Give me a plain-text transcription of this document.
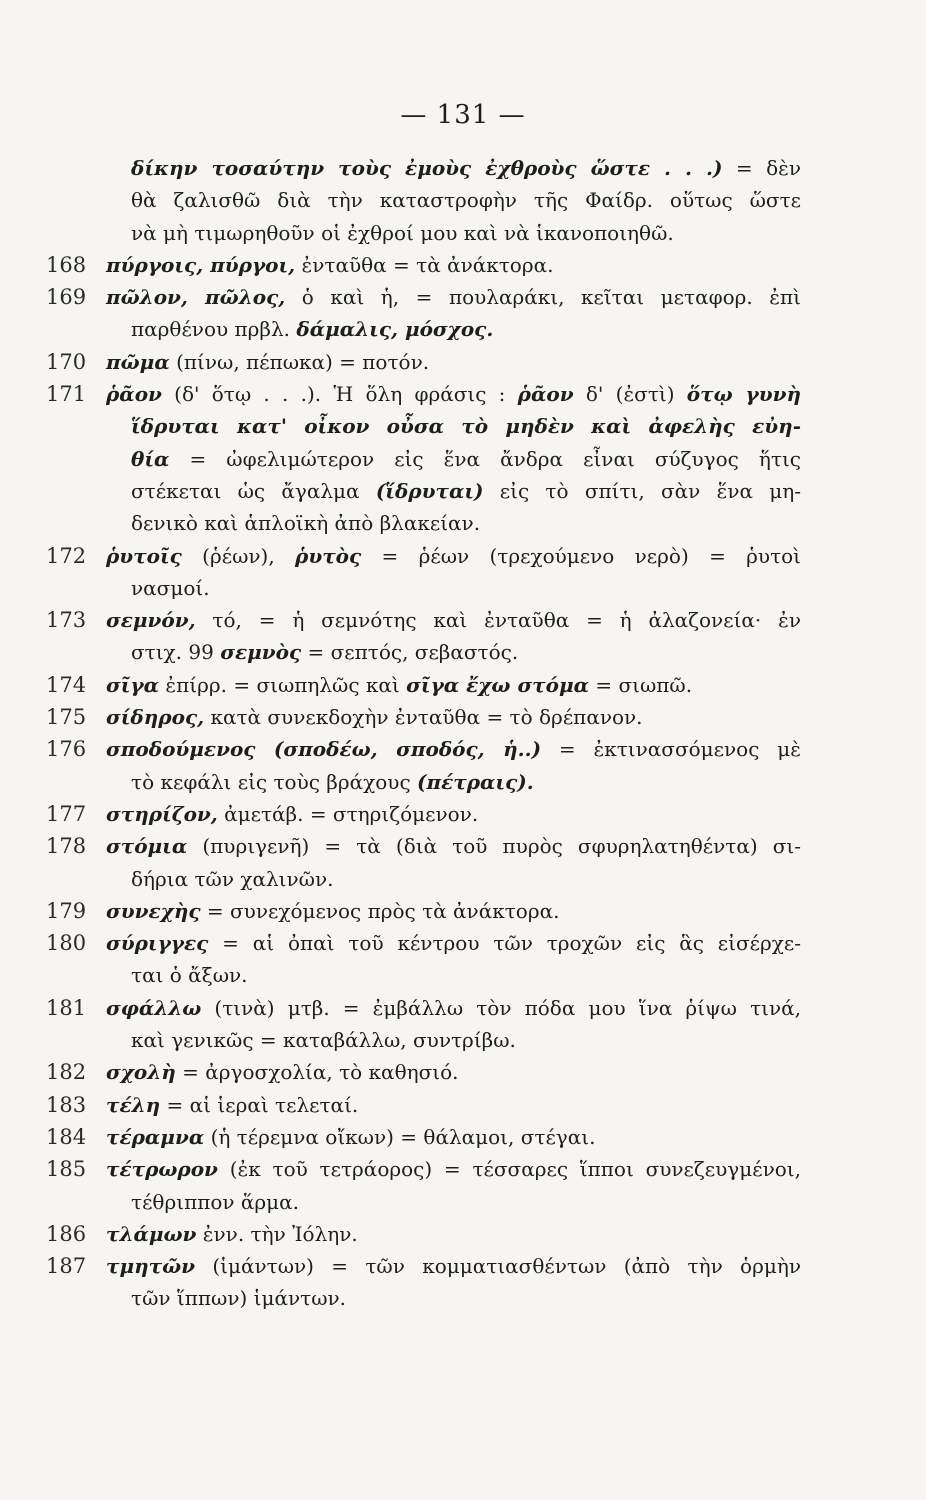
— 131 —
δίκην τοσαύτην τοὺς ἐμοὺς ἐχθροὺς ὥστε . . .) = δὲν
θὰ ζαλισθῶ διὰ τὴν καταστροφὴν τῆς Φαίδρ. οὕτως ὥστε
νὰ μὴ τιμωρηθοῦν οἱ ἐχθροί μου καὶ νὰ ἱκανοποιηθῶ.
168 πύργοις, πύργοι, ἐνταῦθα = τὰ ἀνάκτορα.
169 πῶλον, πῶλος, ὁ καὶ ἡ, = πουλαράκι, κεῖται μεταφορ. ἐπὶ
παρθένου πρβλ. δάμαλις, μόσχος.
170 πῶμα (πίνω, πέπωκα) = ποτόν.
171 ῥᾶον (δ' ὅτῳ . . .). Ἡ ὅλη φράσις : ῥᾶον δ' (ἐστὶ) ὅτῳ γυνὴ
ἵδρυται κατ' οἶκον οὖσα τὸ μηδὲν καὶ ἀφελὴς εὐη-
θία = ὠφελιμώτερον εἰς ἕνα ἄνδρα εἶναι σύζυγος ἥτις
στέκεται ὡς ἄγαλμα (ἵδρυται) εἰς τὸ σπίτι, σὰν ἕνα μη-
δενικὸ καὶ ἁπλοϊκὴ ἀπὸ βλακείαν.
172 ῥυτοῖς (ῥέων), ῥυτὸς = ῥέων (τρεχούμενο νερὸ) = ῥυτοὶ
νασμοί.
173 σεμνόν, τό, = ἡ σεμνότης καὶ ἐνταῦθα = ἡ ἀλαζονεία· ἐν
στιχ. 99 σεμνὸς = σεπτός, σεβαστός.
174 σῖγα ἐπίρρ. = σιωπηλῶς καὶ σῖγα ἔχω στόμα = σιωπῶ.
175 σίδηρος, κατὰ συνεκδοχὴν ἐνταῦθα = τὸ δρέπανον.
176 σποδούμενος (σποδέω, σποδός, ἡ..) = ἐκτινασσόμενος μὲ
τὸ κεφάλι εἰς τοὺς βράχους (πέτραις).
177 στηρίζον, ἀμετάβ. = στηριζόμενον.
178 στόμια (πυριγενῆ) = τὰ (διὰ τοῦ πυρὸς σφυρηλατηθέντα) σι-
δήρια τῶν χαλινῶν.
179 συνεχὴς = συνεχόμενος πρὸς τὰ ἀνάκτορα.
180 σύριγγες = αἱ ὀπαὶ τοῦ κέντρου τῶν τροχῶν εἰς ἃς εἰσέρχε-
ται ὁ ἄξων.
181 σφάλλω (τινὰ) μτβ. = ἐμβάλλω τὸν πόδα μου ἵνα ῥίψω τινά,
καὶ γενικῶς = καταβάλλω, συντρίβω.
182 σχολὴ = ἀργοσχολία, τὸ καθησιό.
183 τέλη = αἱ ἱεραὶ τελεταί.
184 τέραμνα (ἡ τέρεμνα οἴκων) = θάλαμοι, στέγαι.
185 τέτρωρον (ἐκ τοῦ τετράορος) = τέσσαρες ἵπποι συνεζευγμένοι,
τέθριππον ἅρμα.
186 τλάμων ἐνν. τὴν Ἰόλην.
187 τμητῶν (ἱμάντων) = τῶν κομματιασθέντων (ἀπὸ τὴν ὁρμὴν
τῶν ἵππων) ἱμάντων.
